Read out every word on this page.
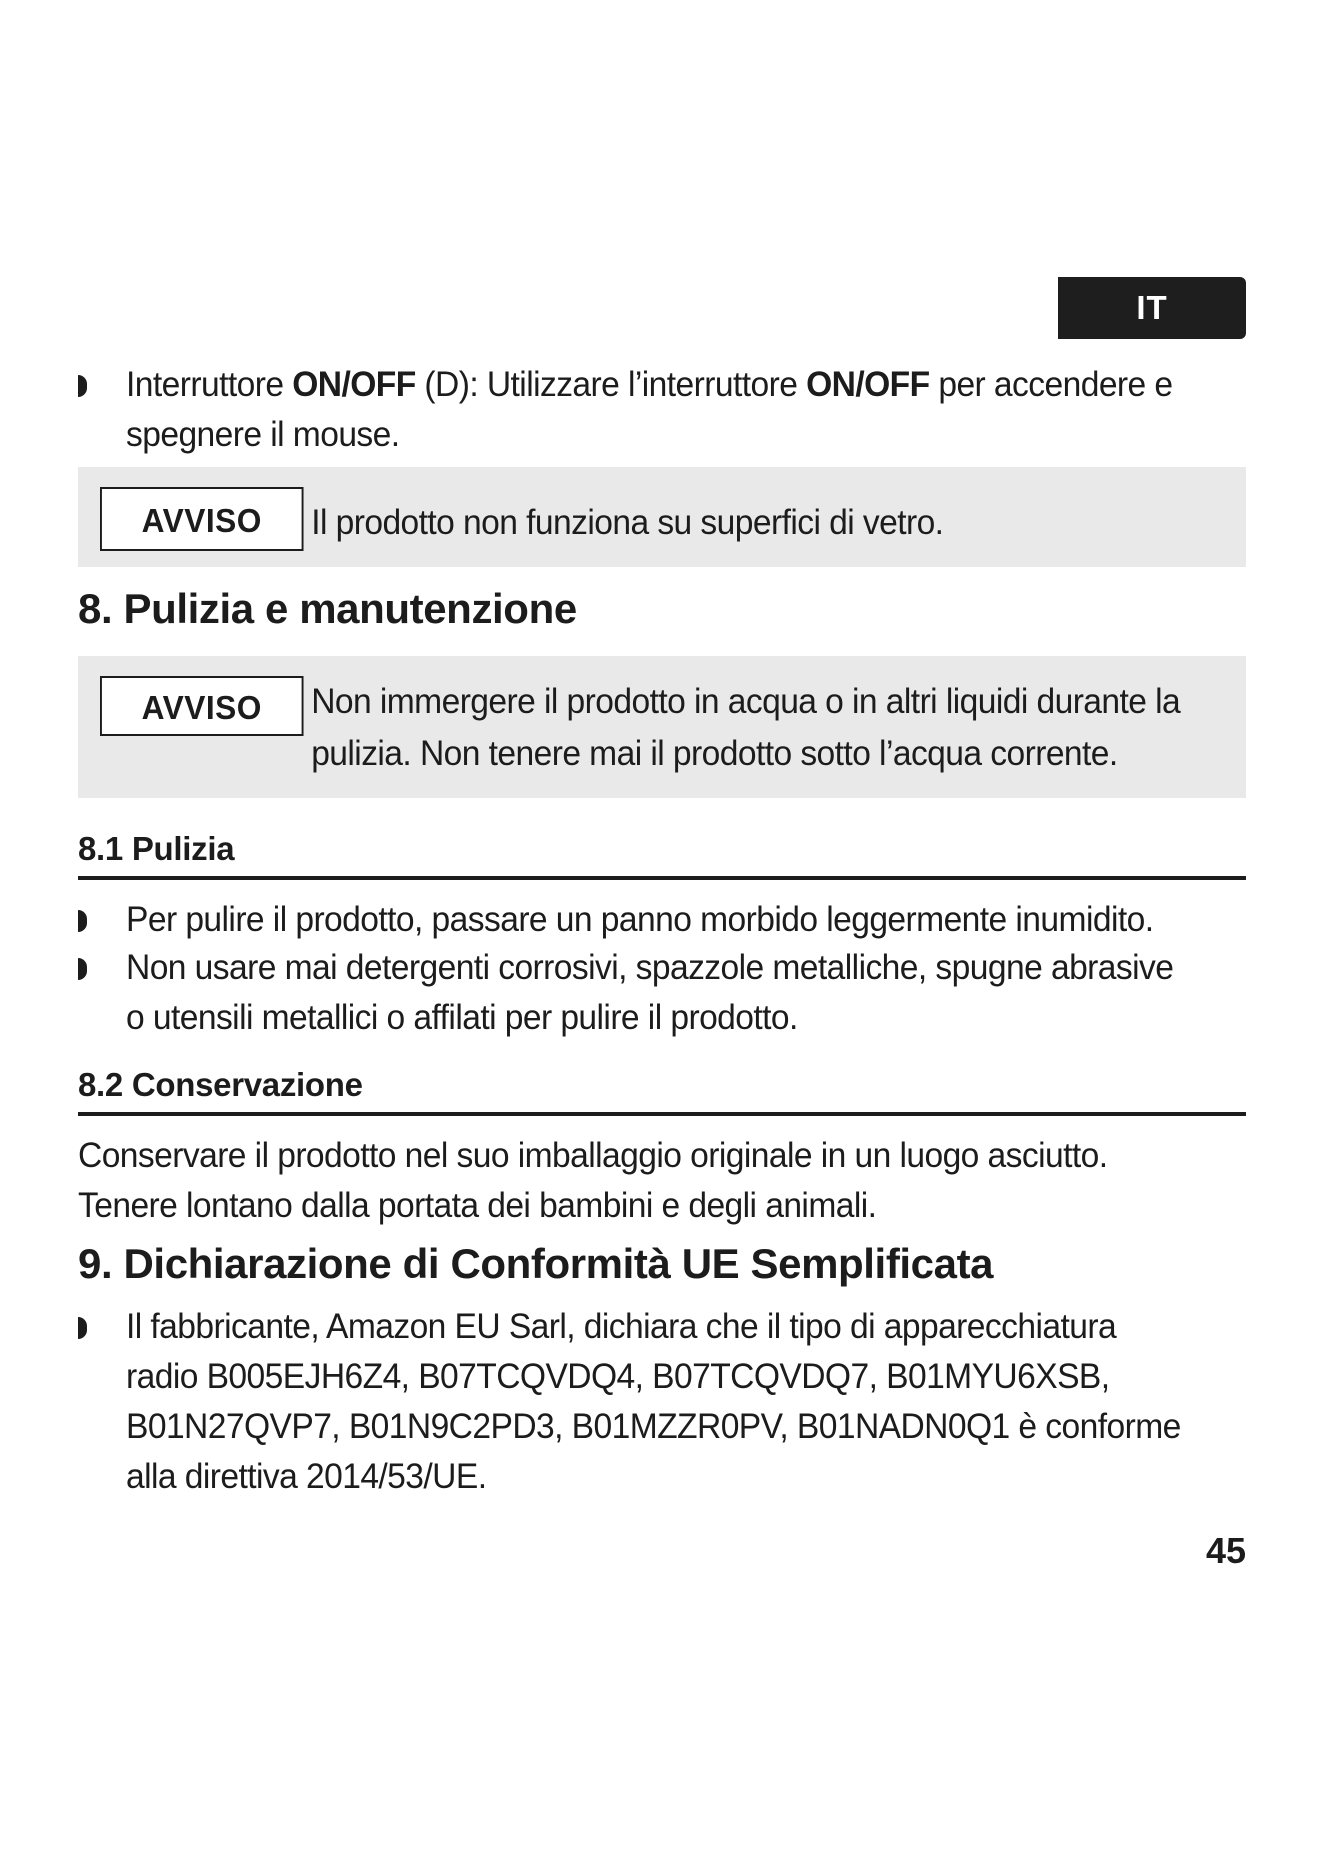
IT
Interruttore ON/OFF (D): Utilizzare l’interruttore ON/OFF per accendere e spegnere il mouse.
AVVISO Il prodotto non funziona su superfici di vetro.
8. Pulizia e manutenzione
AVVISO	Non immergere il prodotto in acqua o in altri liquidi durante la pulizia. Non tenere mai il prodotto sotto l’acqua corrente.
8.1 Pulizia
Per pulire il prodotto, passare un panno morbido leggermente inumidito.
Non usare mai detergenti corrosivi, spazzole metalliche, spugne abrasive o utensili metallici o affilati per pulire il prodotto.
8.2 Conservazione
Conservare il prodotto nel suo imballaggio originale in un luogo asciutto. Tenere lontano dalla portata dei bambini e degli animali.
9. Dichiarazione di Conformità UE Semplificata
Il fabbricante, Amazon EU Sarl, dichiara che il tipo di apparecchiatura radio B005EJH6Z4, B07TCQVDQ4, B07TCQVDQ7, B01MYU6XSB, B01N27QVP7, B01N9C2PD3, B01MZZR0PV, B01NADN0Q1 è conforme alla direttiva 2014/53/UE.
45
